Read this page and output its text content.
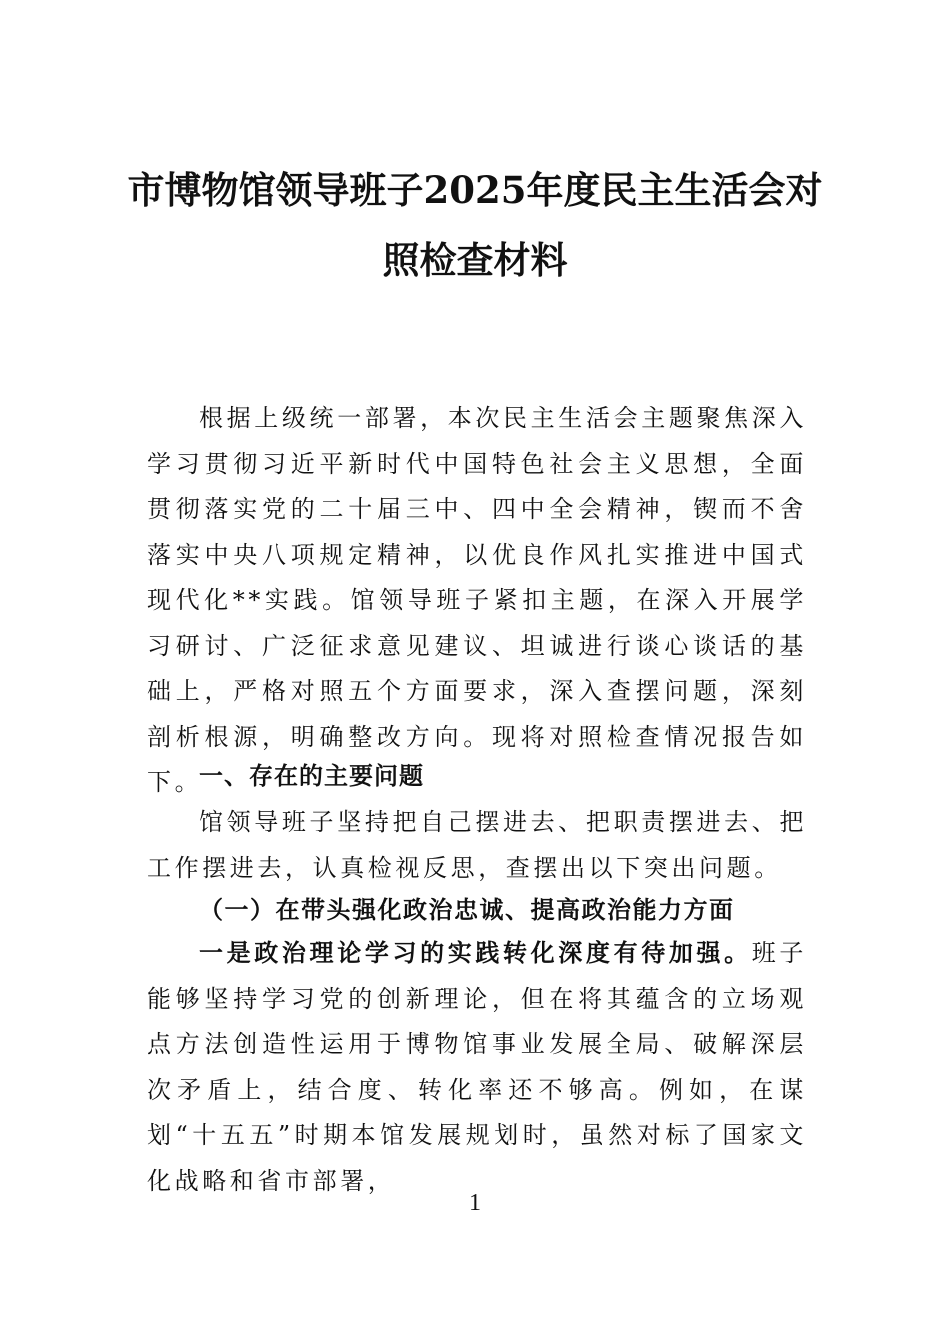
市博物馆领导班子2025年度民主生活会对
照检查材料

根据上级统一部署，本次民主生活会主题聚焦深入学习贯彻习近平新时代中国特色社会主义思想，全面贯彻落实党的二十届三中、四中全会精神，锲而不舍落实中央八项规定精神，以优良作风扎实推进中国式现代化**实践。馆领导班子紧扣主题，在深入开展学习研讨、广泛征求意见建议、坦诚进行谈心谈话的基础上，严格对照五个方面要求，深入查摆问题，深刻剖析根源，明确整改方向。现将对照检查情况报告如下。

一、存在的主要问题

馆领导班子坚持把自己摆进去、把职责摆进去、把工作摆进去，认真检视反思，查摆出以下突出问题。

（一）在带头强化政治忠诚、提高政治能力方面

一是政治理论学习的实践转化深度有待加强。班子能够坚持学习党的创新理论，但在将其蕴含的立场观点方法创造性运用于博物馆事业发展全局、破解深层次矛盾上，结合度、转化率还不够高。例如，在谋划“十五五”时期本馆发展规划时，虽然对标了国家文化战略和省市部署，

1
